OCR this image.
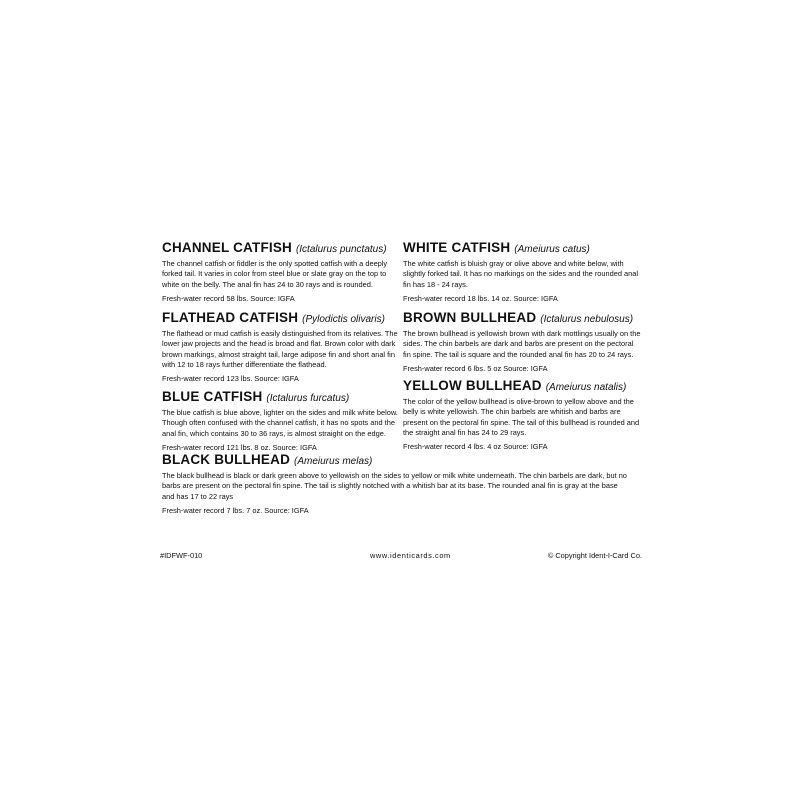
CHANNEL CATFISH (Ictalurus punctatus)
The channel catfish or fiddler is the only spotted catfish with a deeply forked tail. It varies in color from steel blue or slate gray on the top to white on the belly. The anal fin has 24 to 30 rays and is rounded.
Fresh-water record 58 lbs. Source: IGFA
FLATHEAD CATFISH (Pylodictis olivaris)
The flathead or mud catfish is easily distinguished from its relatives. The lower jaw projects and the head is broad and flat. Brown color with dark brown markings, almost straight tail, large adipose fin and short anal fin with 12 to 18 rays further differentiate the flathead.
Fresh-water record 123 lbs. Source: IGFA
BLUE CATFISH (Ictalurus furcatus)
The blue catfish is blue above, lighter on the sides and milk white below. Though often confused with the channel catfish, it has no spots and the anal fin, which contains 30 to 36 rays, is almost straight on the edge.
Fresh-water record 121 lbs. 8 oz. Source: IGFA
WHITE CATFISH (Ameiurus catus)
The white catfish is bluish gray or olive above and white below, with slightly forked tail. It has no markings on the sides and the rounded anal fin has 18 - 24 rays.
Fresh-water record 18 lbs. 14 oz. Source: IGFA
BROWN BULLHEAD (Ictalurus nebulosus)
The brown bullhead is yellowish brown with dark mottlings usually on the sides. The chin barbels are dark and barbs are present on the pectoral fin spine. The tail is square and the rounded anal fin has 20 to 24 rays.
Fresh-water record 6 lbs. 5 oz Source: IGFA
YELLOW BULLHEAD (Ameiurus natalis)
The color of the yellow bullhead is olive-brown to yellow above and the belly is white yellowish. The chin barbels are whitish and barbs are present on the pectoral fin spine. The tail of this bullhead is rounded and the straight anal fin has 24 to 29 rays.
Fresh-water record 4 lbs. 4 oz Source: IGFA
BLACK BULLHEAD (Ameiurus melas)
The black bullhead is black or dark green above to yellowish on the sides to yellow or milk white underneath. The chin barbels are dark, but no barbs are present on the pectoral fin spine. The tail is slightly notched with a whitish bar at its base. The rounded anal fin is gray at the base and has 17 to 22 rays
Fresh-water record 7 lbs. 7 oz. Source: IGFA
#IDFWF-010	www.identicards.com	© Copyright Ident-I-Card Co.
